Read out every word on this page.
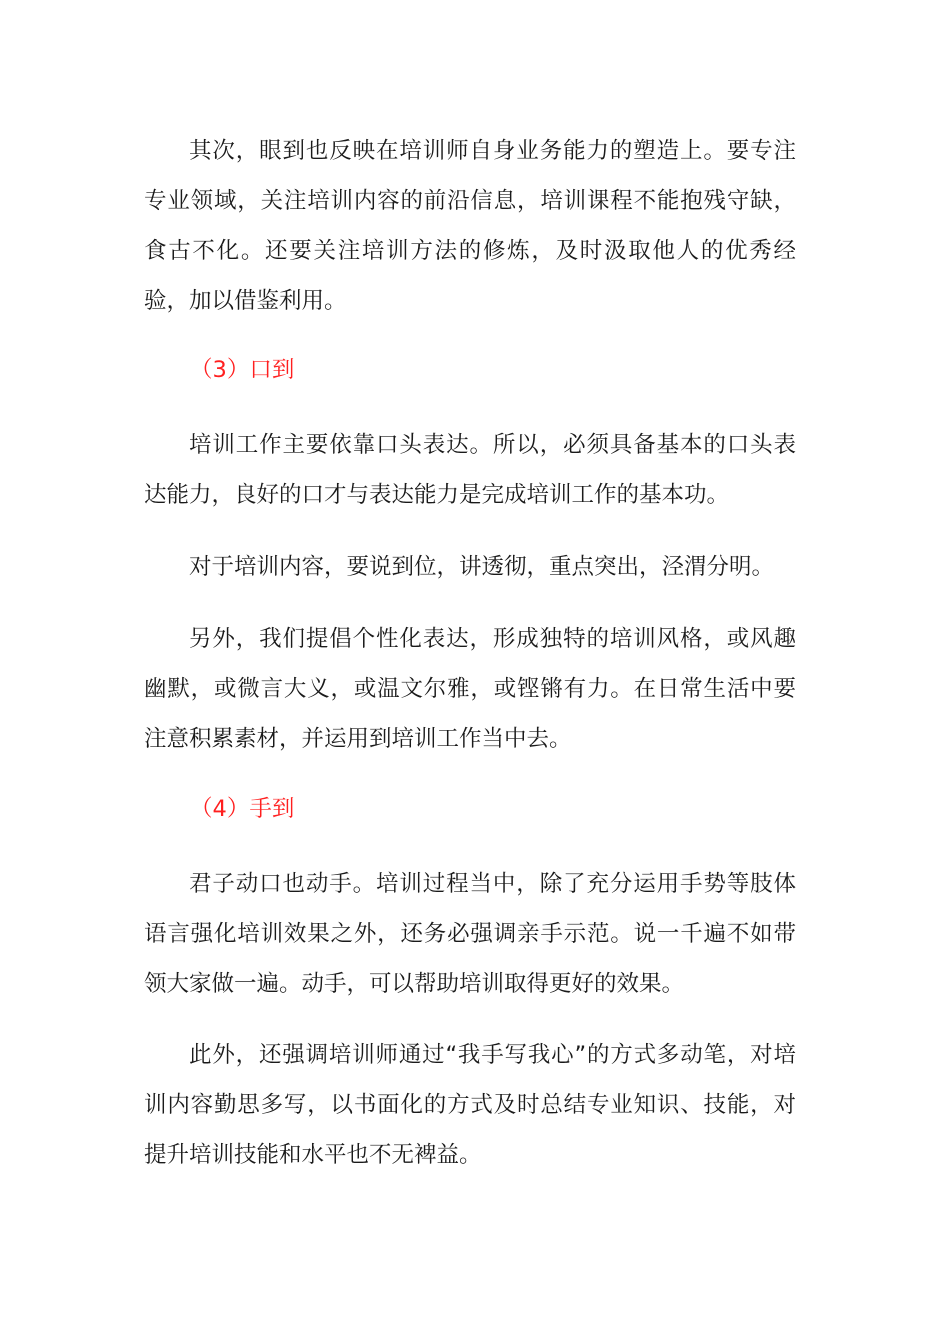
其次，眼到也反映在培训师自身业务能力的塑造上。要专注专业领域，关注培训内容的前沿信息，培训课程不能抱残守缺，食古不化。还要关注培训方法的修炼，及时汲取他人的优秀经验，加以借鉴利用。

（3）口到

培训工作主要依靠口头表达。所以，必须具备基本的口头表达能力，良好的口才与表达能力是完成培训工作的基本功。

对于培训内容，要说到位，讲透彻，重点突出，泾渭分明。

另外，我们提倡个性化表达，形成独特的培训风格，或风趣幽默，或微言大义，或温文尔雅，或铿锵有力。在日常生活中要注意积累素材，并运用到培训工作当中去。

（4）手到

君子动口也动手。培训过程当中，除了充分运用手势等肢体语言强化培训效果之外，还务必强调亲手示范。说一千遍不如带领大家做一遍。动手，可以帮助培训取得更好的效果。

此外，还强调培训师通过“我手写我心”的方式多动笔，对培训内容勤思多写，以书面化的方式及时总结专业知识、技能，对提升培训技能和水平也不无裨益。
